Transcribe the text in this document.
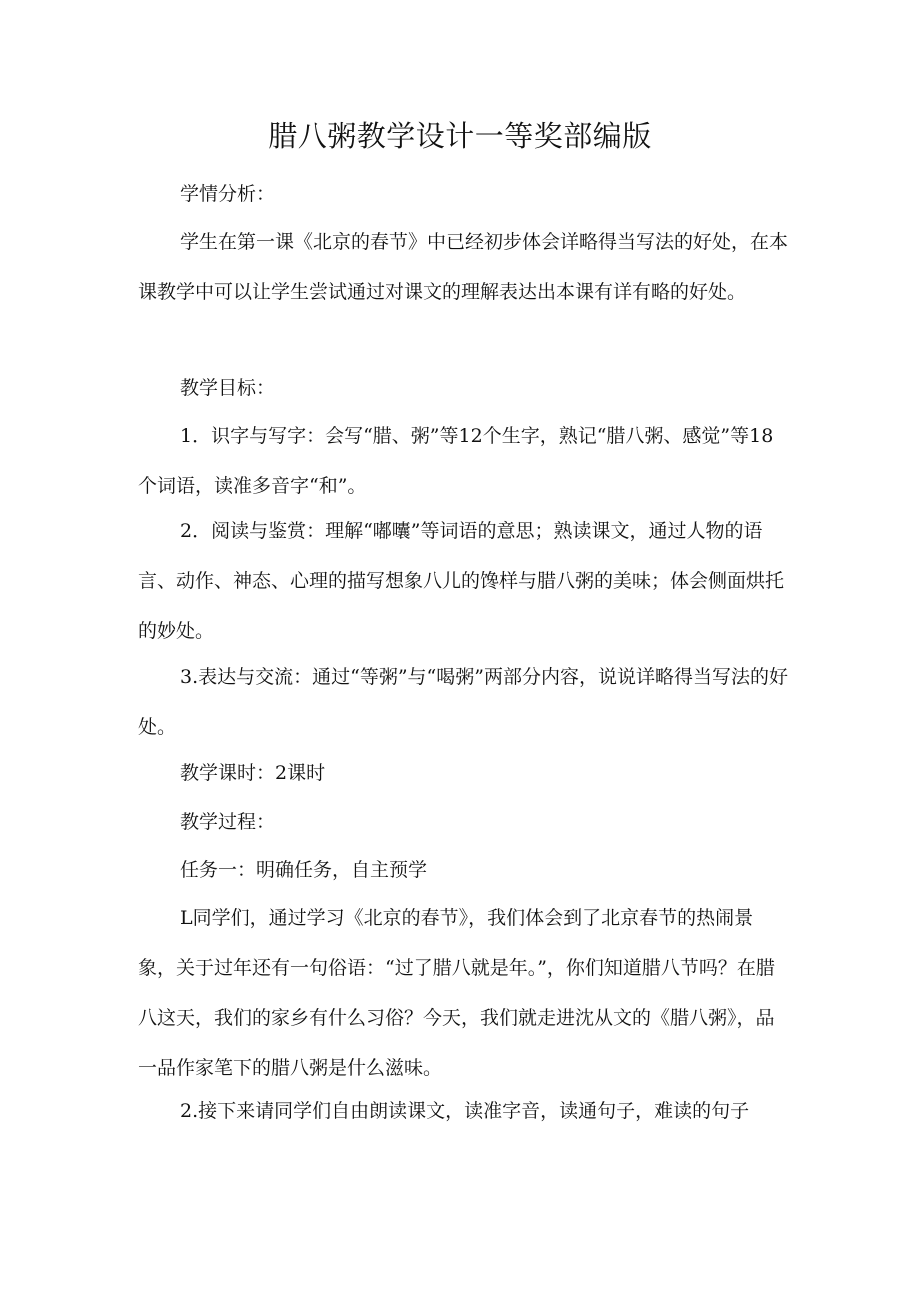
腊八粥教学设计一等奖部编版

学情分析：

学生在第一课《北京的春节》中已经初步体会详略得当写法的好处，在本课教学中可以让学生尝试通过对课文的理解表达出本课有详有略的好处。

教学目标：

1．识字与写字：会写“腊、粥”等12个生字，熟记“腊八粥、感觉”等18个词语，读准多音字“和”。

2．阅读与鉴赏：理解“嘟囔”等词语的意思；熟读课文，通过人物的语言、动作、神态、心理的描写想象八儿的馋样与腊八粥的美味；体会侧面烘托的妙处。

3.表达与交流：通过“等粥”与“喝粥”两部分内容，说说详略得当写法的好处。

教学课时：2课时

教学过程：

任务一：明确任务，自主预学

L同学们，通过学习《北京的春节》，我们体会到了北京春节的热闹景象，关于过年还有一句俗语：“过了腊八就是年。”，你们知道腊八节吗？在腊八这天，我们的家乡有什么习俗？今天，我们就走进沈从文的《腊八粥》，品一品作家笔下的腊八粥是什么滋味。

2.接下来请同学们自由朗读课文，读准字音，读通句子，难读的句子
